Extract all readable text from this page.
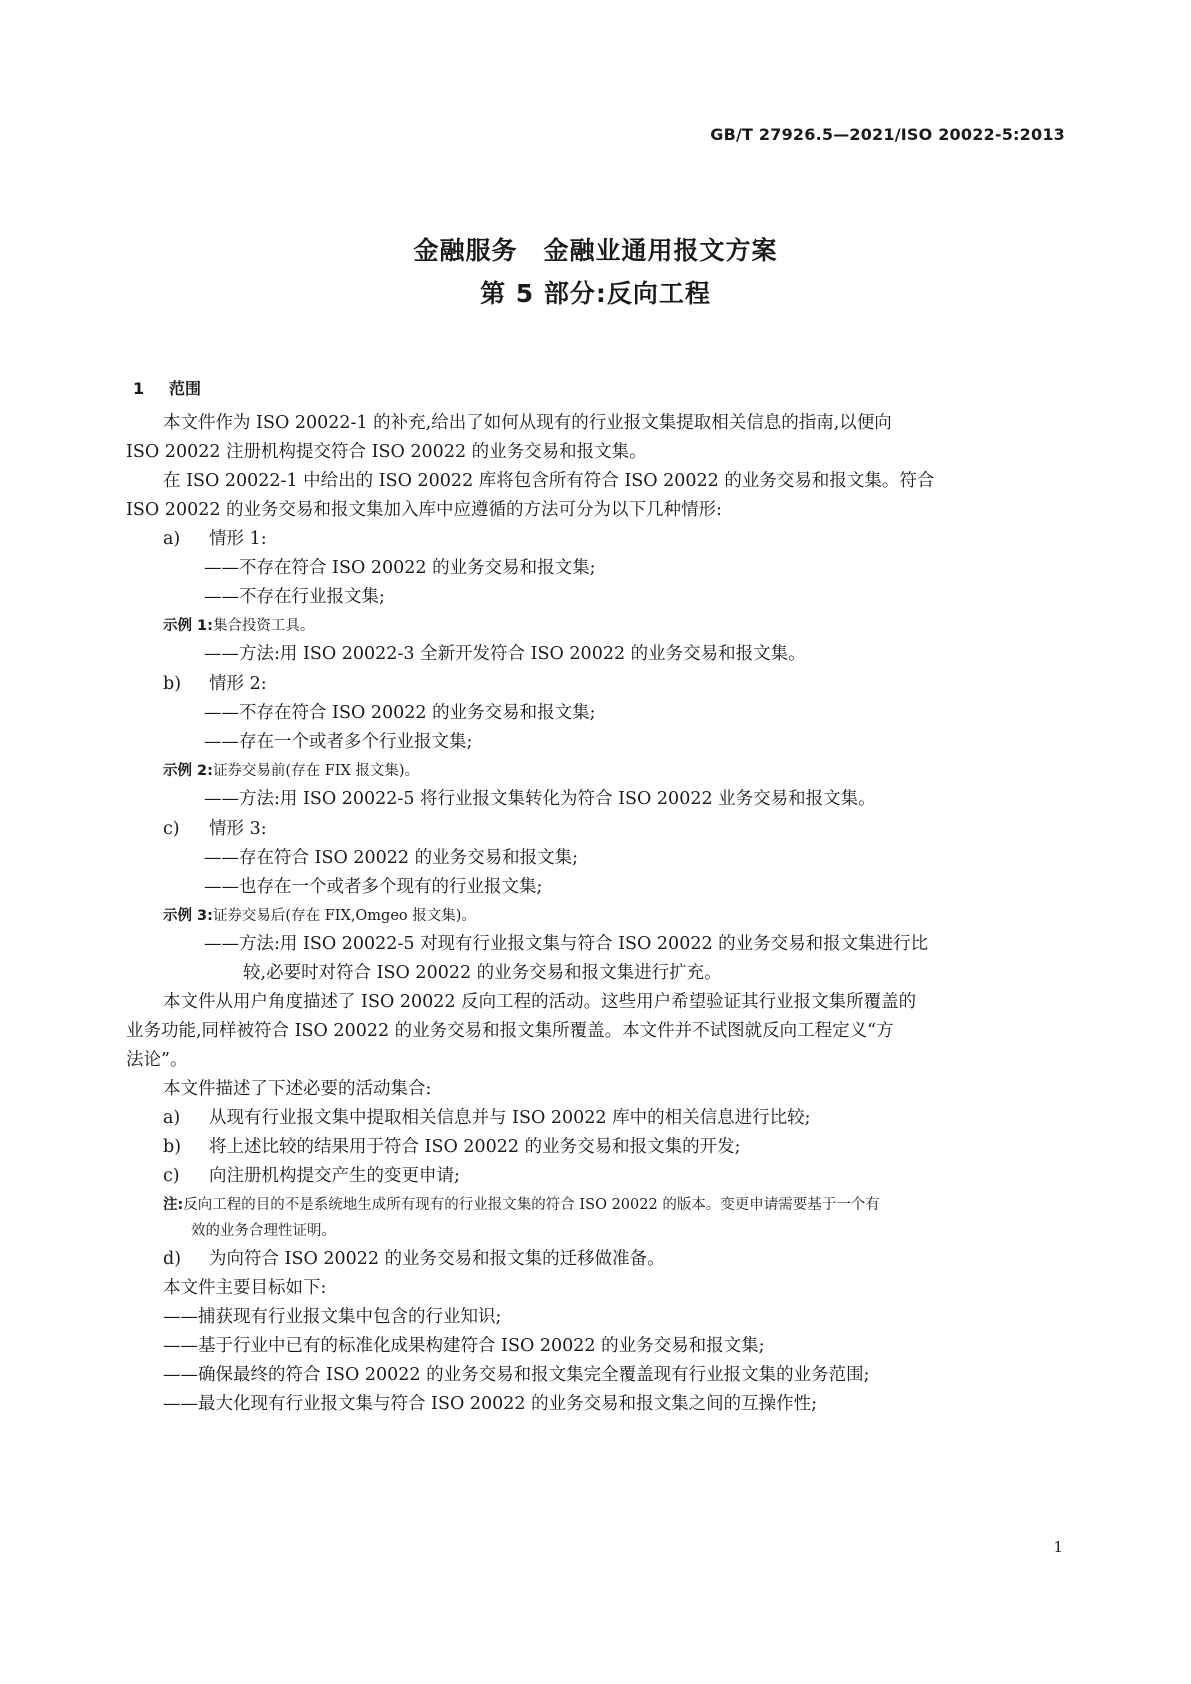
GB/T 27926.5—2021/ISO 20022-5:2013
金融服务　金融业通用报文方案
第 5 部分:反向工程
1 范围
本文件作为 ISO 20022-1 的补充,给出了如何从现有的行业报文集提取相关信息的指南,以便向
ISO 20022 注册机构提交符合 ISO 20022 的业务交易和报文集。
在 ISO 20022-1 中给出的 ISO 20022 库将包含所有符合 ISO 20022 的业务交易和报文集。符合
ISO 20022 的业务交易和报文集加入库中应遵循的方法可分为以下几种情形:
a) 情形 1:
——不存在符合 ISO 20022 的业务交易和报文集;
——不存在行业报文集;
示例 1:集合投资工具。
——方法:用 ISO 20022-3 全新开发符合 ISO 20022 的业务交易和报文集。
b) 情形 2:
——不存在符合 ISO 20022 的业务交易和报文集;
——存在一个或者多个行业报文集;
示例 2:证券交易前(存在 FIX 报文集)。
——方法:用 ISO 20022-5 将行业报文集转化为符合 ISO 20022 业务交易和报文集。
c) 情形 3:
——存在符合 ISO 20022 的业务交易和报文集;
——也存在一个或者多个现有的行业报文集;
示例 3:证券交易后(存在 FIX,Omgeo 报文集)。
——方法:用 ISO 20022-5 对现有行业报文集与符合 ISO 20022 的业务交易和报文集进行比
较,必要时对符合 ISO 20022 的业务交易和报文集进行扩充。
本文件从用户角度描述了 ISO 20022 反向工程的活动。这些用户希望验证其行业报文集所覆盖的
业务功能,同样被符合 ISO 20022 的业务交易和报文集所覆盖。本文件并不试图就反向工程定义“方
法论”。
本文件描述了下述必要的活动集合:
a) 从现有行业报文集中提取相关信息并与 ISO 20022 库中的相关信息进行比较;
b) 将上述比较的结果用于符合 ISO 20022 的业务交易和报文集的开发;
c) 向注册机构提交产生的变更申请;
注:反向工程的目的不是系统地生成所有现有的行业报文集的符合 ISO 20022 的版本。变更申请需要基于一个有
效的业务合理性证明。
d) 为向符合 ISO 20022 的业务交易和报文集的迁移做准备。
本文件主要目标如下:
——捕获现有行业报文集中包含的行业知识;
——基于行业中已有的标准化成果构建符合 ISO 20022 的业务交易和报文集;
——确保最终的符合 ISO 20022 的业务交易和报文集完全覆盖现有行业报文集的业务范围;
——最大化现有行业报文集与符合 ISO 20022 的业务交易和报文集之间的互操作性;
1
